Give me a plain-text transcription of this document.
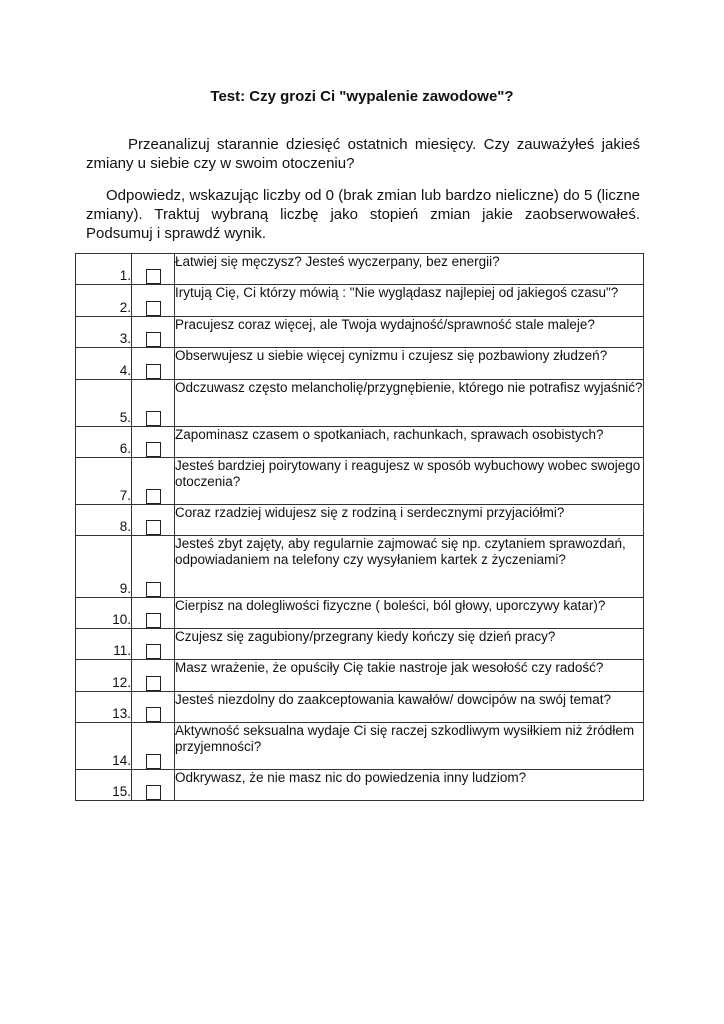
Test: Czy grozi Ci "wypalenie zawodowe"?

Przeanalizuj starannie dziesięć ostatnich miesięcy. Czy zauważyłeś jakieś zmiany u siebie czy w swoim otoczeniu?

Odpowiedz, wskazując liczby od 0 (brak zmian lub bardzo nieliczne) do 5 (liczne zmiany). Traktuj wybraną liczbę jako stopień zmian jakie zaobserwowałeś. Podsumuj i sprawdź wynik.

1.		Łatwiej się męczysz? Jesteś wyczerpany, bez energii?
2.		Irytują Cię, Ci którzy mówią : "Nie wyglądasz najlepiej od jakiegoś czasu"?
3.		Pracujesz coraz więcej, ale Twoja wydajność/sprawność stale maleje?
4.		Obserwujesz u siebie więcej cynizmu i czujesz się pozbawiony złudzeń?
5.		Odczuwasz często melancholię/przygnębienie, którego nie potrafisz wyjaśnić?
6.		Zapominasz czasem o spotkaniach, rachunkach, sprawach osobistych?
7.		Jesteś bardziej poirytowany i reagujesz w sposób wybuchowy wobec swojego otoczenia?
8.		Coraz rzadziej widujesz się z rodziną i serdecznymi przyjaciółmi?
9.		Jesteś zbyt zajęty, aby regularnie zajmować się np. czytaniem sprawozdań, odpowiadaniem na telefony czy wysyłaniem kartek z życzeniami?
10.		Cierpisz na dolegliwości fizyczne ( boleści, ból głowy, uporczywy katar)?
11.		Czujesz się zagubiony/przegrany kiedy kończy się dzień pracy?
12.		Masz wrażenie, że opuściły Cię takie nastroje jak wesołość czy radość?
13.		Jesteś niezdolny do zaakceptowania kawałów/ dowcipów na swój temat?
14.		Aktywność seksualna wydaje Ci się raczej szkodliwym wysiłkiem niż źródłem przyjemności?
15.		Odkrywasz, że nie masz nic do powiedzenia inny ludziom?
